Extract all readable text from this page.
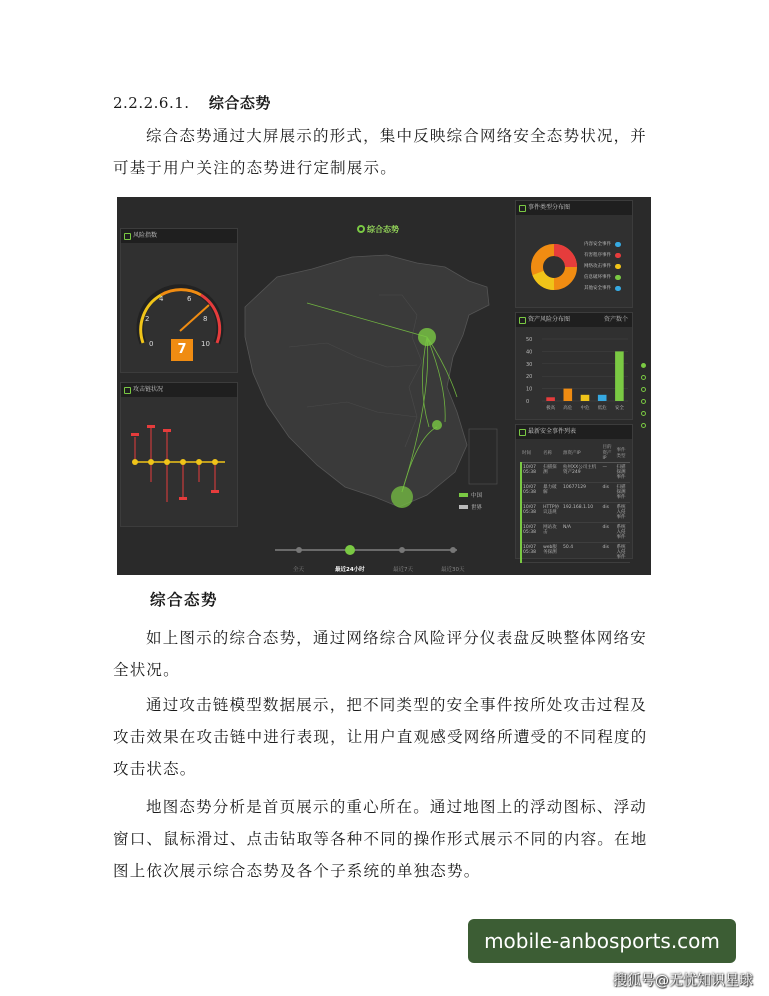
2.2.2.6.1. 综合态势

综合态势通过大屏展示的形式，集中反映综合网络安全态势状况，并可基于用户关注的态势进行定制展示。

综合态势
风险指数
0
2
4	6
8
10
7
攻击链状况
事件类型分布图
内容安全事件
有害程序事件
网络攻击事件
信息破坏事件
其他安全事件
资产风险分布图	资产数个
50
40
30
20
10
0
极高 高危 中危 低危 安全
最新安全事件列表
时间	名称	源资产IP	目的资产IP	事件类型
10/07 05:38	扫描探测	杭州XX公司主机资产249	—	扫描探测事件
10/07 05:38	暴力破解	10677129	dis	扫描探测事件
10/07 05:38	HTTP协议违规	192.168.1.10	dis	系统入侵事件
10/07 05:38	网站攻击	N/A	dis	系统入侵事件
10/07 05:38	web服务探测	50.4	dis	系统入侵事件
中国
世界
全天	最近24小时	最近7天	最近30天
综合态势

如上图示的综合态势，通过网络综合风险评分仪表盘反映整体网络安全状况。

通过攻击链模型数据展示，把不同类型的安全事件按所处攻击过程及攻击效果在攻击链中进行表现，让用户直观感受网络所遭受的不同程度的攻击状态。

地图态势分析是首页展示的重心所在。通过地图上的浮动图标、浮动窗口、鼠标滑过、点击钻取等各种不同的操作形式展示不同的内容。在地图上依次展示综合态势及各个子系统的单独态势。

mobile-anbosports.com
搜狐号@无忧知识星球
